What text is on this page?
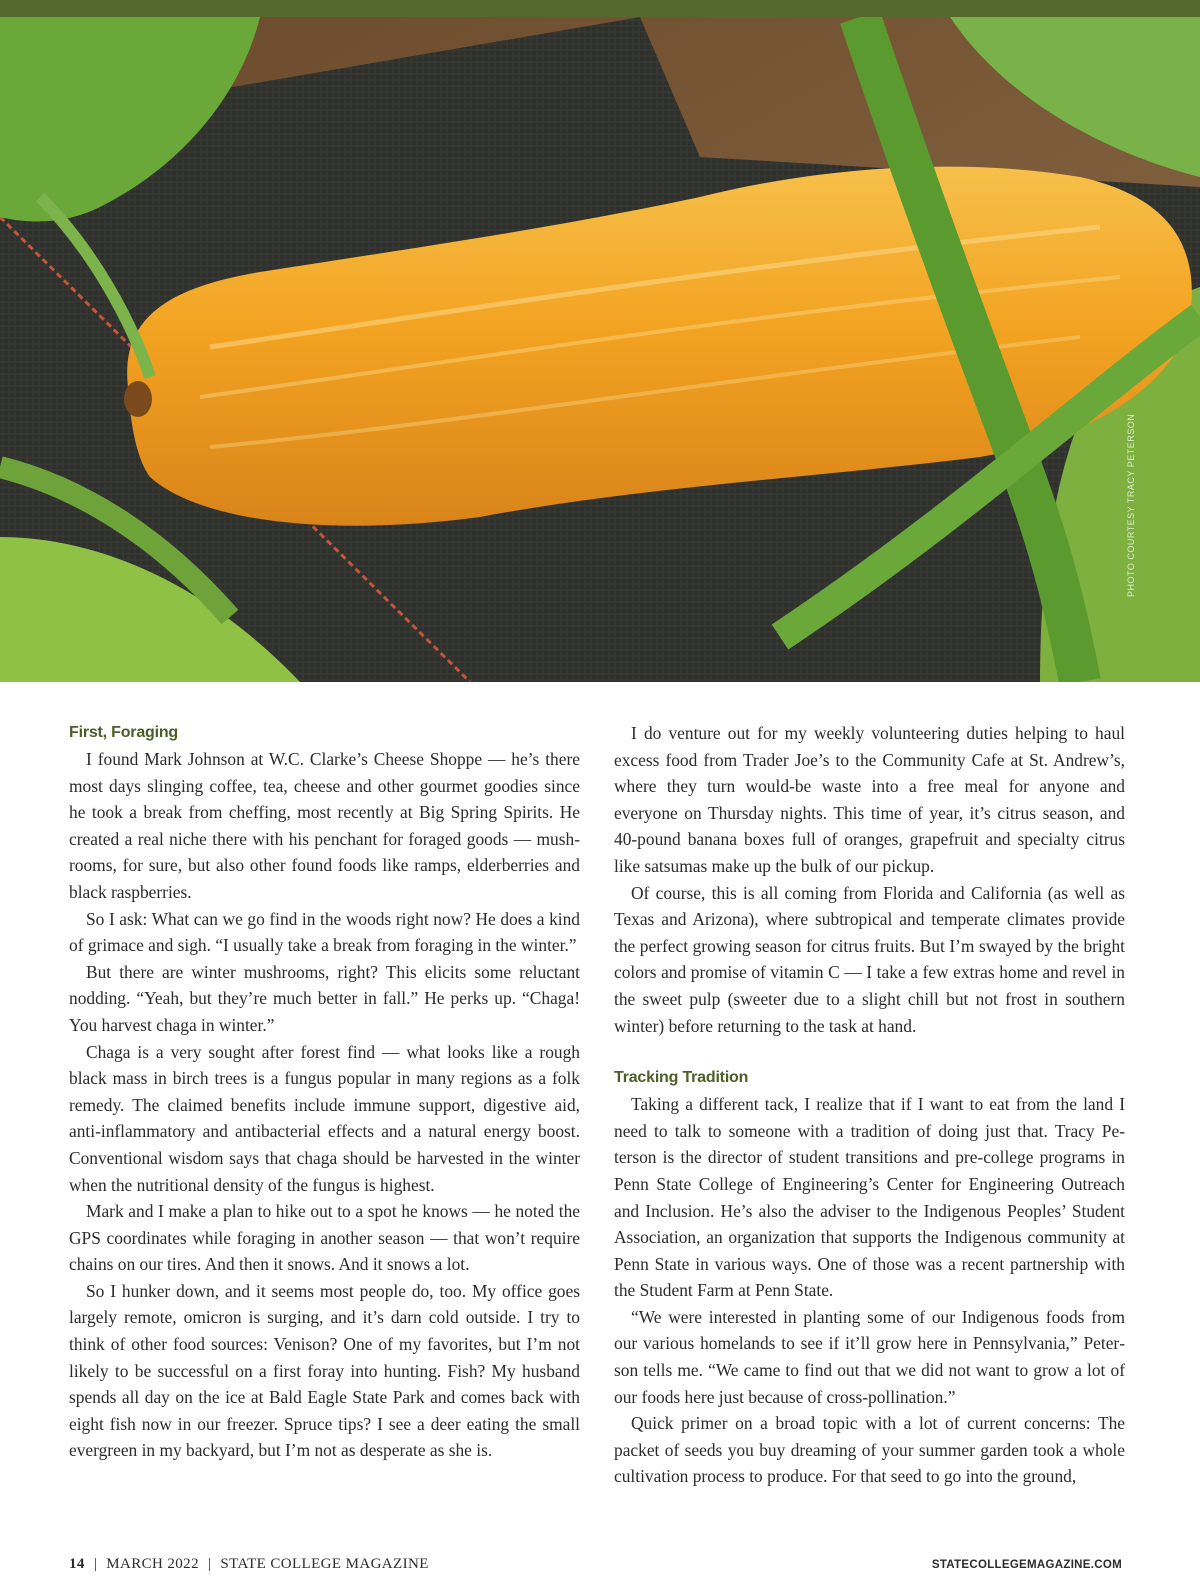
PHOTO COURTESY TRACY PETERSON
First, Foraging

I found Mark Johnson at W.C. Clarke’s Cheese Shoppe — he’s there most days slinging coffee, tea, cheese and other gourmet goodies since he took a break from cheffing, most recently at Big Spring Spirits. He created a real niche there with his penchant for foraged goods — mushrooms, for sure, but also other found foods like ramps, elderberries and black raspberries.

So I ask: What can we go find in the woods right now? He does a kind of grimace and sigh. “I usually take a break from foraging in the winter.”

But there are winter mushrooms, right? This elicits some reluctant nodding. “Yeah, but they’re much better in fall.” He perks up. “Chaga! You harvest chaga in winter.”

Chaga is a very sought after forest find — what looks like a rough black mass in birch trees is a fungus popular in many regions as a folk remedy. The claimed benefits include immune support, digestive aid, anti-inflammatory and antibacterial effects and a natural energy boost. Conventional wisdom says that chaga should be harvested in the winter when the nutritional density of the fungus is highest.

Mark and I make a plan to hike out to a spot he knows — he noted the GPS coordinates while foraging in another season — that won’t require chains on our tires. And then it snows. And it snows a lot.

So I hunker down, and it seems most people do, too. My office goes largely remote, omicron is surging, and it’s darn cold outside. I try to think of other food sources: Venison? One of my favorites, but I’m not likely to be successful on a first foray into hunting. Fish? My husband spends all day on the ice at Bald Eagle State Park and comes back with eight fish now in our freezer. Spruce tips? I see a deer eating the small evergreen in my backyard, but I’m not as desperate as she is.

I do venture out for my weekly volunteering duties helping to haul excess food from Trader Joe’s to the Community Cafe at St. Andrew’s, where they turn would-be waste into a free meal for anyone and everyone on Thursday nights. This time of year, it’s citrus season, and 40-pound banana boxes full of oranges, grapefruit and specialty citrus like satsumas make up the bulk of our pickup.

Of course, this is all coming from Florida and California (as well as Texas and Arizona), where subtropical and temperate climates provide the perfect growing season for citrus fruits. But I’m swayed by the bright colors and promise of vitamin C — I take a few extras home and revel in the sweet pulp (sweeter due to a slight chill but not frost in southern winter) before returning to the task at hand.

Tracking Tradition

Taking a different tack, I realize that if I want to eat from the land I need to talk to someone with a tradition of doing just that. Tracy Peterson is the director of student transitions and pre-college programs in Penn State College of Engineering’s Center for Engineering Outreach and Inclusion. He’s also the adviser to the Indigenous Peoples’ Student Association, an organization that supports the Indigenous community at Penn State in various ways. One of those was a recent partnership with the Student Farm at Penn State.

“We were interested in planting some of our Indigenous foods from our various homelands to see if it’ll grow here in Pennsylvania,” Peterson tells me. “We came to find out that we did not want to grow a lot of our foods here just because of cross-pollination.”

Quick primer on a broad topic with a lot of current concerns: The packet of seeds you buy dreaming of your summer garden took a whole cultivation process to produce. For that seed to go into the ground,

14 | MARCH 2022 | STATE COLLEGE MAGAZINE	STATECOLLEGEMAGAZINE.COM
